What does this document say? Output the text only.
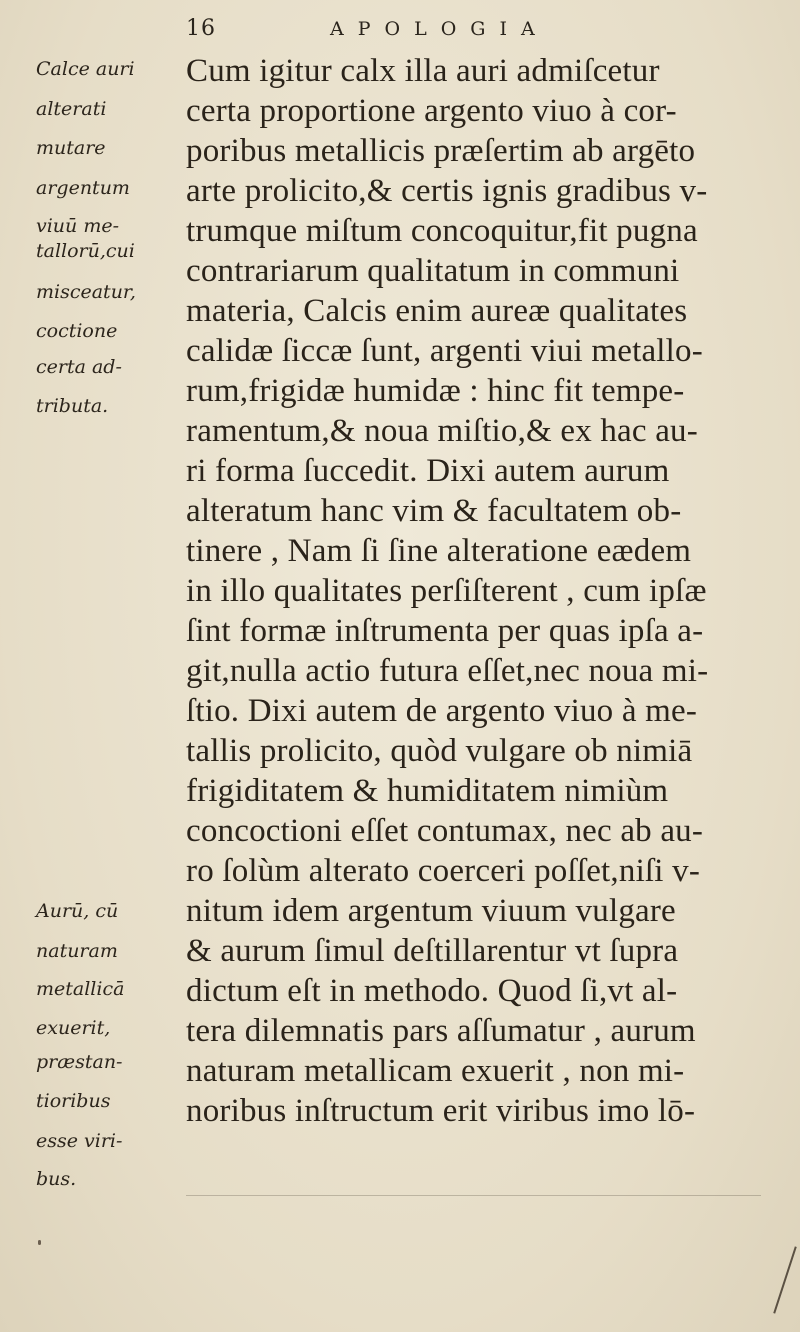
16	APOLOGIA
Calce auri
alterati
mutare
argentum
viuū me-
tallorū,cui
misceatur,
coctione
certa ad-
tributa.
Aurū, cū
naturam
metallicā
exuerit,
præstan-
tioribus
esse viri-
bus.
Cum igitur calx illa auri admiſcetur
certa proportione argento viuo à cor-
poribus metallicis præſertim ab argēto
arte prolicito,& certis ignis gradibus v-
trumque miſtum concoquitur,fit pugna
contrariarum qualitatum in communi
materia, Calcis enim aureæ qualitates
calidæ ſiccæ ſunt, argenti viui metallo-
rum,frigidæ humidæ : hinc fit tempe-
ramentum,& noua miſtio,& ex hac au-
ri forma ſuccedit. Dixi autem aurum
alteratum hanc vim & facultatem ob-
tinere , Nam ſi ſine alteratione eædem
in illo qualitates perſiſterent , cum ipſæ
ſint formæ inſtrumenta per quas ipſa a-
git,nulla actio futura eſſet,nec noua mi-
ſtio. Dixi autem de argento viuo à me-
tallis prolicito, quòd vulgare ob nimiā
frigiditatem & humiditatem nimiùm
concoctioni eſſet contumax, nec ab au-
ro ſolùm alterato coerceri poſſet,niſi v-
nitum idem argentum viuum vulgare
& aurum ſimul deſtillarentur vt ſupra
dictum eſt in methodo. Quod ſi,vt al-
tera dilemnatis pars aſſumatur , aurum
naturam metallicam exuerit , non mi-
noribus inſtructum erit viribus imo lō-
